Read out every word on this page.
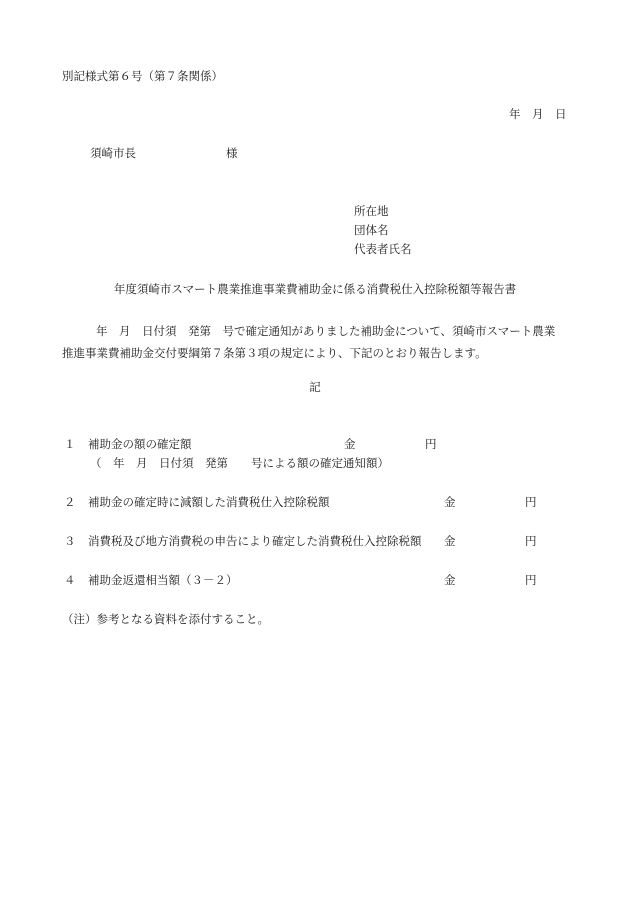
別記様式第６号（第７条関係）
年　月　日
須崎市長	様
所在地
団体名
代表者氏名
年度須崎市スマート農業推進事業費補助金に係る消費税仕入控除税額等報告書

年　月　日付須　発第　号で確定通知がありました補助金について、須崎市スマート農業

推進事業費補助金交付要綱第７条第３項の規定により、下記のとおり報告します。

記
１ 補助金の額の確定額	金	円
（　年　月　日付須　発第　　号による額の確定通知額）
２ 補助金の確定時に減額した消費税仕入控除税額	金	円
３ 消費税及び地方消費税の申告により確定した消費税仕入控除税額 金	円
４ 補助金返還相当額（３－２）	金	円
（注）参考となる資料を添付すること。
